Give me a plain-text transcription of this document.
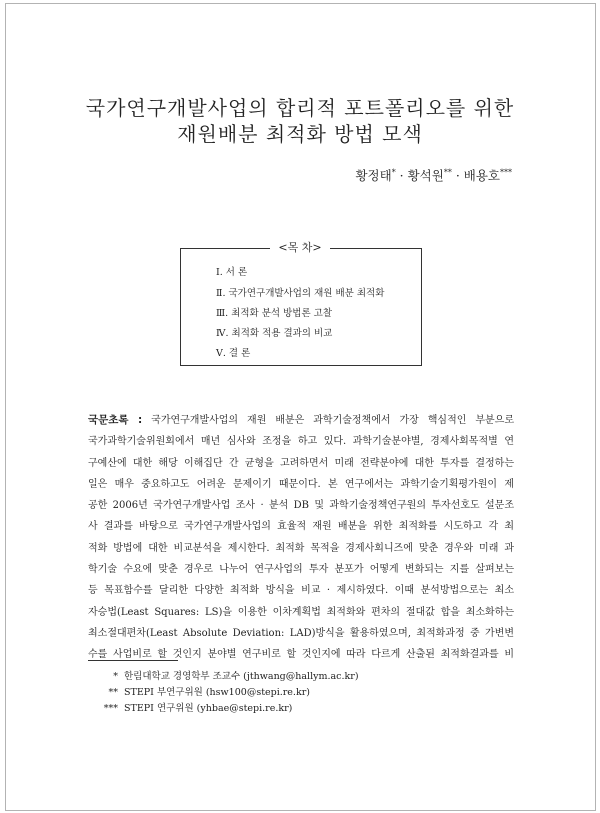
국가연구개발사업의 합리적 포트폴리오를 위한
재원배분 최적화 방법 모색
황정태* · 황석원** · 배용호***
<목 차>
Ⅰ. 서 론
Ⅱ. 국가연구개발사업의 재원 배분 최적화
Ⅲ. 최적화 분석 방법론 고찰
Ⅳ. 최적화 적용 결과의 비교
Ⅴ. 결 론
국문초록 : 국가연구개발사업의 재원 배분은 과학기술정책에서 가장 핵심적인 부분으로
국가과학기술위원회에서 매년 심사와 조정을 하고 있다. 과학기술분야별, 경제사회목적별 연
구예산에 대한 해당 이해집단 간 균형을 고려하면서 미래 전략분야에 대한 투자를 결정하는
일은 매우 중요하고도 어려운 문제이기 때문이다. 본 연구에서는 과학기술기획평가원이 제
공한 2006년 국가연구개발사업 조사 · 분석 DB 및 과학기술정책연구원의 투자선호도 설문조
사 결과를 바탕으로 국가연구개발사업의 효율적 재원 배분을 위한 최적화를 시도하고 각 최
적화 방법에 대한 비교분석을 제시한다. 최적화 목적을 경제사회니즈에 맞춘 경우와 미래 과
학기술 수요에 맞춘 경우로 나누어 연구사업의 투자 분포가 어떻게 변화되는 지를 살펴보는
등 목표함수를 달리한 다양한 최적화 방식을 비교 · 제시하였다. 이때 분석방법으로는 최소
자승법(Least Squares: LS)을 이용한 이차계획법 최적화와 편차의 절대값 합을 최소화하는
최소절대편차(Least Absolute Deviation: LAD)방식을 활용하였으며, 최적화과정 중 가변변
수를 사업비로 할 것인지 분야별 연구비로 할 것인지에 따라 다르게 산출된 최적화결과를 비
* 한림대학교 경영학부 조교수 (jthwang@hallym.ac.kr)
** STEPI 부연구위원 (hsw100@stepi.re.kr)
*** STEPI 연구위원 (yhbae@stepi.re.kr)
